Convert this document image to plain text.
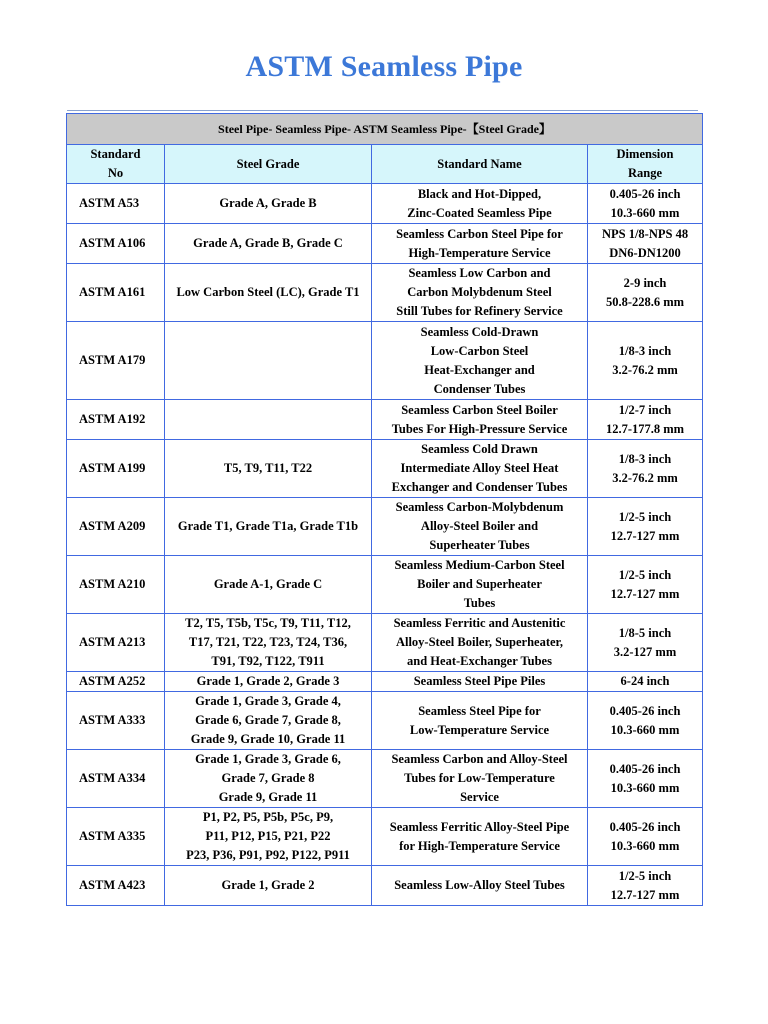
ASTM Seamless Pipe
Steel Pipe- Seamless Pipe- ASTM Seamless Pipe-【Steel Grade】			

Standard
No	Steel Grade	Standard Name	Dimension
Range

ASTM A53	Grade A, Grade B	Black and Hot-Dipped,
Zinc-Coated Seamless Pipe	0.405-26 inch
10.3-660 mm

ASTM A106	Grade A, Grade B, Grade C	Seamless Carbon Steel Pipe for
High-Temperature Service	NPS 1/8-NPS 48
DN6-DN1200

ASTM A161	Low Carbon Steel (LC), Grade T1	Seamless Low Carbon and
Carbon Molybdenum Steel
Still Tubes for Refinery Service	2-9 inch
50.8-228.6 mm

ASTM A179		Seamless Cold-Drawn
Low-Carbon Steel
Heat-Exchanger and
Condenser Tubes	1/8-3 inch
3.2-76.2 mm

ASTM A192		Seamless Carbon Steel Boiler
Tubes For High-Pressure Service	1/2-7 inch
12.7-177.8 mm

ASTM A199	T5, T9, T11, T22	Seamless Cold Drawn
Intermediate Alloy Steel Heat
Exchanger and Condenser Tubes	1/8-3 inch
3.2-76.2 mm

ASTM A209	Grade T1, Grade T1a, Grade T1b	Seamless Carbon-Molybdenum
Alloy-Steel Boiler and
Superheater Tubes	1/2-5 inch
12.7-127 mm

ASTM A210	Grade A-1, Grade C	Seamless Medium-Carbon Steel
Boiler and Superheater
Tubes	1/2-5 inch
12.7-127 mm

ASTM A213	T2, T5, T5b, T5c, T9, T11, T12,
T17, T21, T22, T23, T24, T36,
T91, T92, T122, T911	Seamless Ferritic and Austenitic
Alloy-Steel Boiler, Superheater,
and Heat-Exchanger Tubes	1/8-5 inch
3.2-127 mm

ASTM A252	Grade 1, Grade 2, Grade 3	Seamless Steel Pipe Piles	6-24 inch

ASTM A333	Grade 1, Grade 3, Grade 4,
Grade 6, Grade 7, Grade 8,
Grade 9, Grade 10, Grade 11	Seamless Steel Pipe for
Low-Temperature Service	0.405-26 inch
10.3-660 mm

ASTM A334	Grade 1, Grade 3, Grade 6,
Grade 7, Grade 8
Grade 9, Grade 11	Seamless Carbon and Alloy-Steel
Tubes for Low-Temperature
Service	0.405-26 inch
10.3-660 mm

ASTM A335	P1, P2, P5, P5b, P5c, P9,
P11, P12, P15, P21, P22
P23, P36, P91, P92, P122, P911	Seamless Ferritic Alloy-Steel Pipe
for High-Temperature Service	0.405-26 inch
10.3-660 mm

ASTM A423	Grade 1, Grade 2	Seamless Low-Alloy Steel Tubes	1/2-5 inch
12.7-127 mm
